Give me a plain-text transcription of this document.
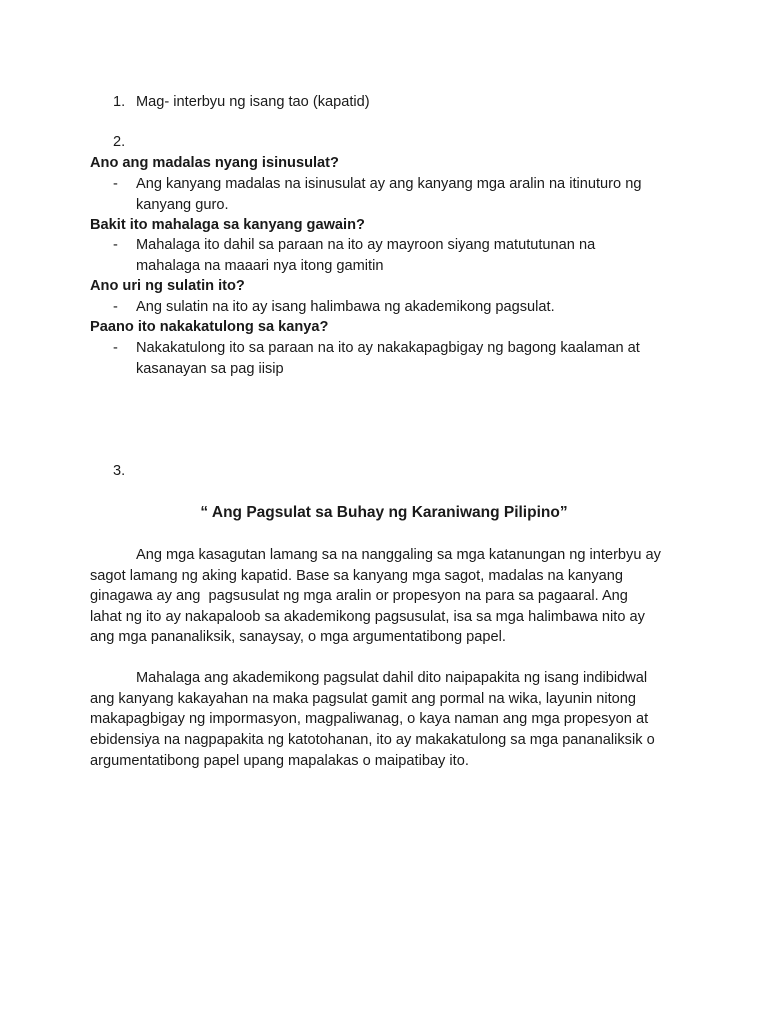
1. Mag- interbyu ng isang tao (kapatid)
2.
Ano ang madalas nyang isinusulat?
- Ang kanyang madalas na isinusulat ay ang kanyang mga aralin na itinuturo ng
kanyang guro.
Bakit ito mahalaga sa kanyang gawain?
- Mahalaga ito dahil sa paraan na ito ay mayroon siyang matututunan na
mahalaga na maaari nya itong gamitin
Ano uri ng sulatin ito?
- Ang sulatin na ito ay isang halimbawa ng akademikong pagsulat.
Paano ito nakakatulong sa kanya?
- Nakakatulong ito sa paraan na ito ay nakakapagbigay ng bagong kaalaman at
kasanayan sa pag iisip
3.
“ Ang Pagsulat sa Buhay ng Karaniwang Pilipino”
Ang mga kasagutan lamang sa na nanggaling sa mga katanungan ng interbyu ay
sagot lamang ng aking kapatid. Base sa kanyang mga sagot, madalas na kanyang
ginagawa ay ang  pagsusulat ng mga aralin or propesyon na para sa pagaaral. Ang
lahat ng ito ay nakapaloob sa akademikong pagsusulat, isa sa mga halimbawa nito ay
ang mga pananaliksik, sanaysay, o mga argumentatibong papel.
Mahalaga ang akademikong pagsulat dahil dito naipapakita ng isang indibidwal
ang kanyang kakayahan na maka pagsulat gamit ang pormal na wika, layunin nitong
makapagbigay ng impormasyon, magpaliwanag, o kaya naman ang mga propesyon at
ebidensiya na nagpapakita ng katotohanan, ito ay makakatulong sa mga pananaliksik o
argumentatibong papel upang mapalakas o maipatibay ito.
